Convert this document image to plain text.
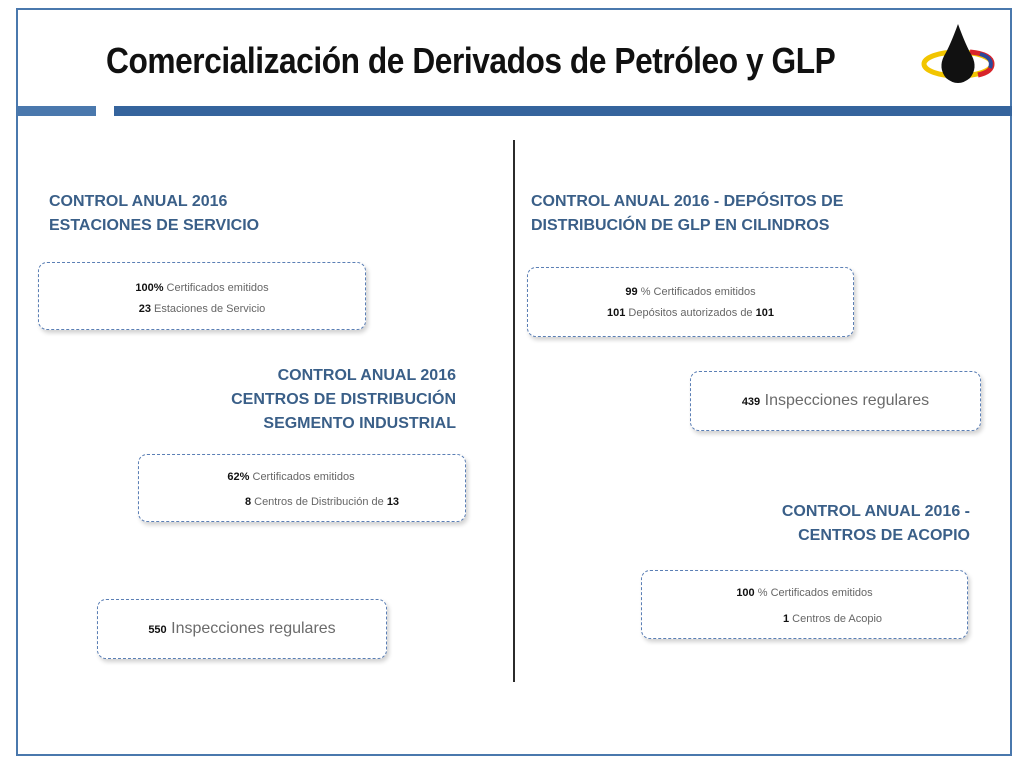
Comercialización de Derivados de Petróleo y GLP
CONTROL ANUAL 2016
ESTACIONES DE SERVICIO
100% Certificados emitidos
23 Estaciones de Servicio
CONTROL ANUAL 2016
CENTROS DE DISTRIBUCIÓN
SEGMENTO INDUSTRIAL
62% Certificados emitidos
8 Centros de Distribución de 13
550 Inspecciones regulares
CONTROL ANUAL 2016 - DEPÓSITOS DE
DISTRIBUCIÓN DE GLP EN CILINDROS
99 % Certificados emitidos
101 Depósitos autorizados de 101
439 Inspecciones regulares
CONTROL ANUAL 2016 -
CENTROS DE ACOPIO
100 % Certificados emitidos
1 Centros de Acopio
